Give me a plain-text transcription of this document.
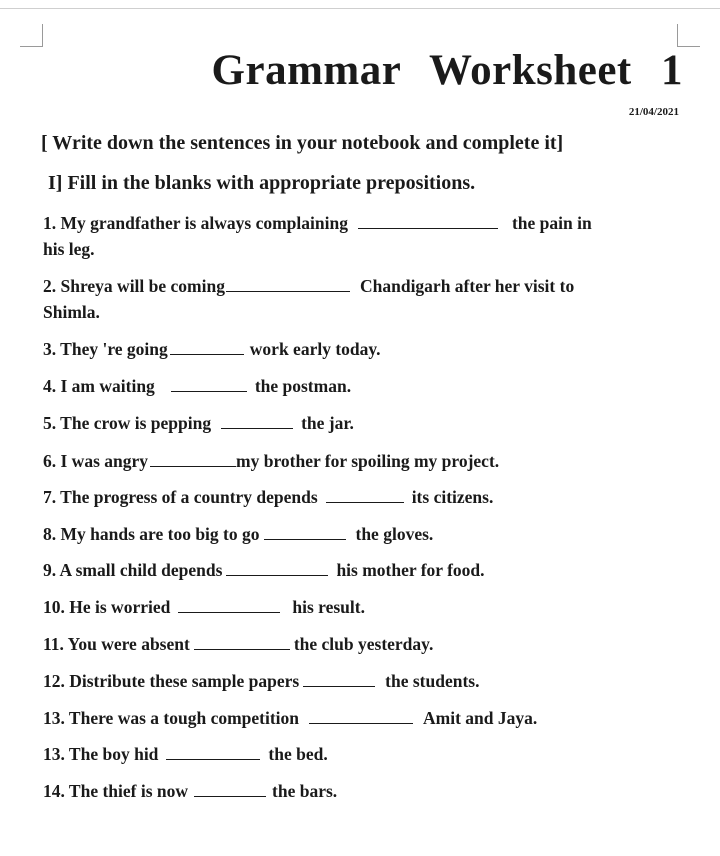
Grammar Worksheet 1
21/04/2021
[ Write down the sentences in your notebook and complete it]
I] Fill in the blanks with appropriate prepositions.
1. My grandfather is always complaining	the pain in
his leg.
2. Shreya will be coming	Chandigarh after her visit to
Shimla.
3. They 're going	work early today.
4. I am waiting	the postman.
5. The crow is pepping	the jar.
6. I was angry	my brother for spoiling my project.
7. The progress of a country depends	its citizens.
8. My hands are too big to go	the gloves.
9. A small child depends	his mother for food.
10. He is worried	his result.
11. You were absent	the club yesterday.
12. Distribute these sample papers	the students.
13. There was a tough competition	Amit and Jaya.
13. The boy hid	the bed.
14. The thief is now	the bars.
